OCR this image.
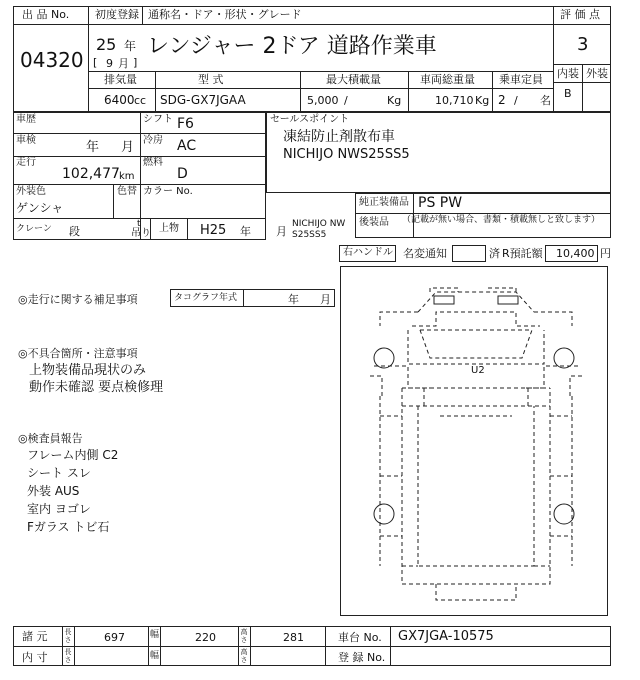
出 品 No.
04320
初度登録 通称名・ドア・形状・グレード
25 年
[ 9 月 ]
レンジャー 2ドア 道路作業車
評 価 点
3
内装 外装
B
排気量	型 式	最大積載量	車両総重量 乗車定員
6400 cc SDG-GX7JGAA	5,000 /	Kg	10,710 Kg 2 / 名
車歴	シフト F6
車検	年 月 冷房 AC
走行
102,477 km
燃料
D
外装色	色替 カラー No.
ゲンシャ
クレーン 段
t
吊り 上物 H25 年 月
NICHIJO NW
S25SS5
セールスポイント
凍結防止剤散布車
NICHIJO NWS25SS5
純正装備品 PS PW
後装品 （記載が無い場合、書類・積載無しと致します）
右ハンドル 名変通知	済 R預託額 10,400 円
◎走行に関する補足事項	タコグラフ年式	年 月
◎不具合箇所・注意事項
上物装備品現状のみ
動作未確認 要点検修理
◎検査員報告
フレーム内側 C2
シート スレ
外装 AUS
室内 ヨゴレ
Fガラス トビ石
U2
諸 元 長さ	697	幅	220	高さ	281	車台 No. GX7JGA-10575
内 寸 長さ	幅	高さ	登 録 No.
